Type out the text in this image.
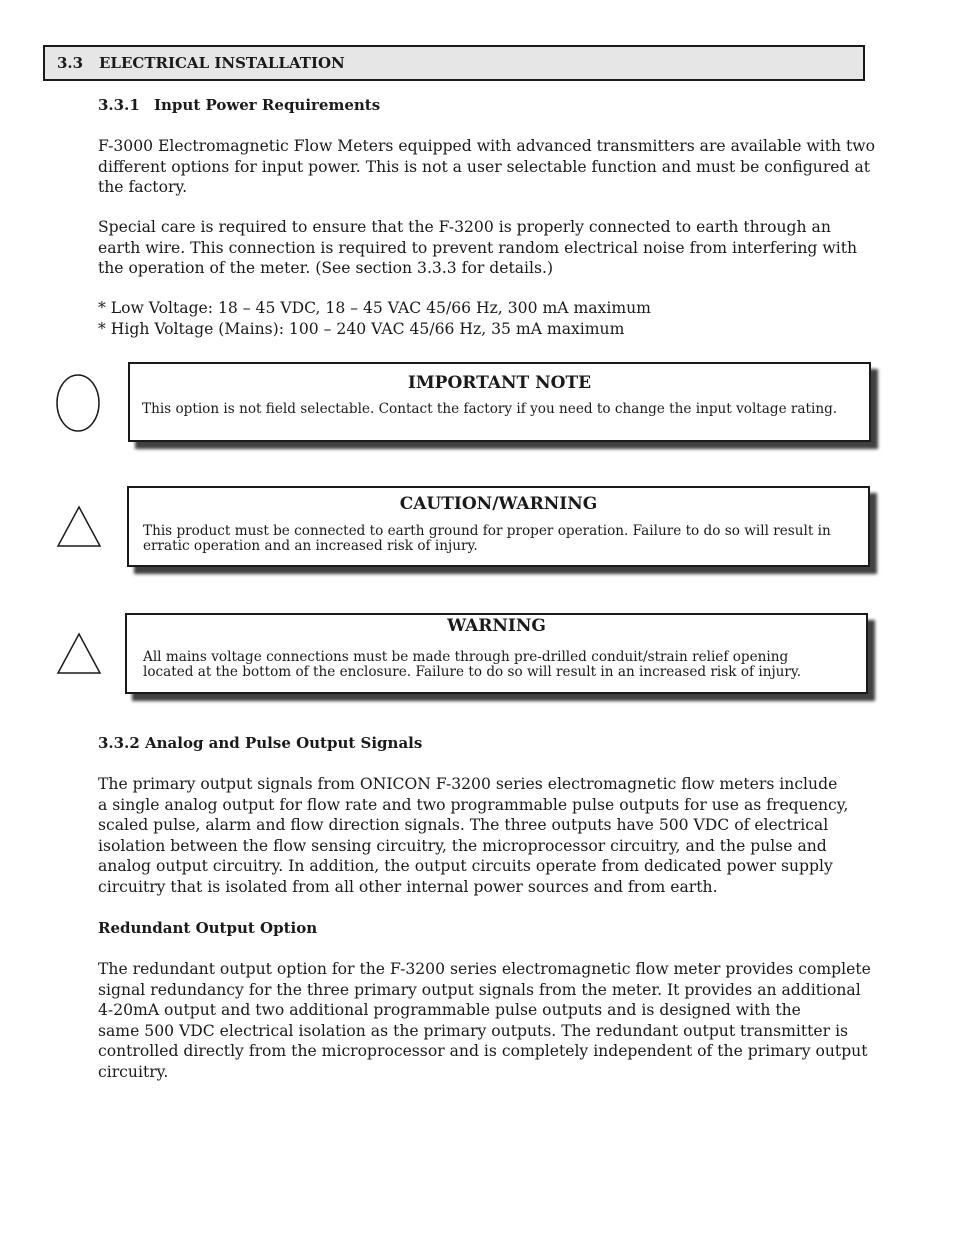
3.3	ELECTRICAL INSTALLATION
3.3.1 Input Power Requirements

F-3000 Electromagnetic Flow Meters equipped with advanced transmitters are available with two
different options for input power. This is not a user selectable function and must be configured at
the factory.

Special care is required to ensure that the F-3200 is properly connected to earth through an
earth wire. This connection is required to prevent random electrical noise from interfering with
the operation of the meter. (See section 3.3.3 for details.)

* Low Voltage: 18 – 45 VDC, 18 – 45 VAC 45/66 Hz, 300 mA maximum
* High Voltage (Mains): 100 – 240 VAC 45/66 Hz, 35 mA maximum

IMPORTANT NOTE
This option is not field selectable. Contact the factory if you need to change the input voltage rating.
CAUTION/WARNING
This product must be connected to earth ground for proper operation. Failure to do so will result in
erratic operation and an increased risk of injury.
WARNING
All mains voltage connections must be made through pre-drilled conduit/strain relief opening
located at the bottom of the enclosure. Failure to do so will result in an increased risk of injury.
3.3.2 Analog and Pulse Output Signals

The primary output signals from ONICON F-3200 series electromagnetic flow meters include
a single analog output for flow rate and two programmable pulse outputs for use as frequency,
scaled pulse, alarm and flow direction signals. The three outputs have 500 VDC of electrical
isolation between the flow sensing circuitry, the microprocessor circuitry, and the pulse and
analog output circuitry. In addition, the output circuits operate from dedicated power supply
circuitry that is isolated from all other internal power sources and from earth.

Redundant Output Option

The redundant output option for the F-3200 series electromagnetic flow meter provides complete
signal redundancy for the three primary output signals from the meter. It provides an additional
4-20mA output and two additional programmable pulse outputs and is designed with the
same 500 VDC electrical isolation as the primary outputs. The redundant output transmitter is
controlled directly from the microprocessor and is completely independent of the primary output
circuitry.
